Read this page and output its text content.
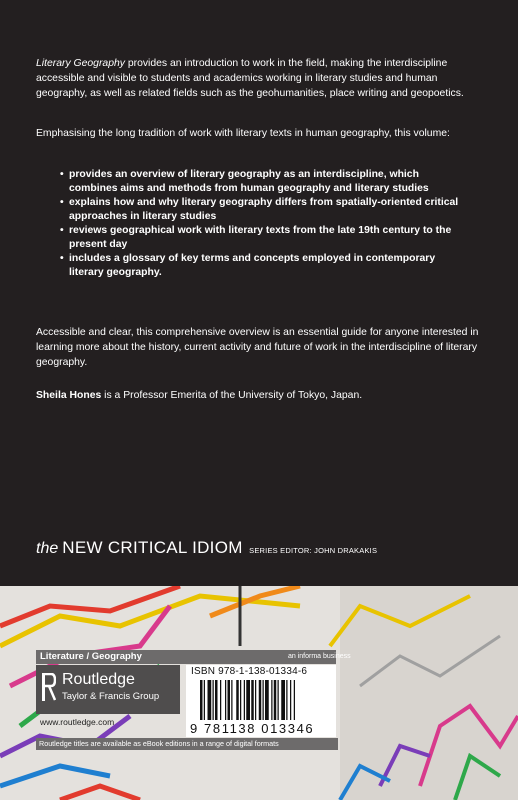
Literary Geography provides an introduction to work in the field, making the interdiscipline accessible and visible to students and academics working in literary studies and human geography, as well as related fields such as the geohumanities, place writing and geopoetics.
Emphasising the long tradition of work with literary texts in human geography, this volume:
• provides an overview of literary geography as an interdiscipline, which combines aims and methods from human geography and literary studies
• explains how and why literary geography differs from spatially-oriented critical approaches in literary studies
• reviews geographical work with literary texts from the late 19th century to the present day
• includes a glossary of key terms and concepts employed in contemporary literary geography.
Accessible and clear, this comprehensive overview is an essential guide for anyone interested in learning more about the history, current activity and future of work in the interdiscipline of literary geography.
Sheila Hones is a Professor Emerita of the University of Tokyo, Japan.
the NEW CRITICAL IDIOM SERIES EDITOR: JOHN DRAKAKIS
Literature / Geography	an informa business
Routledge
Taylor & Francis Group
www.routledge.com
ISBN 978-1-138-01334-6
9 781138 013346
Routledge titles are available as eBook editions in a range of digital formats
